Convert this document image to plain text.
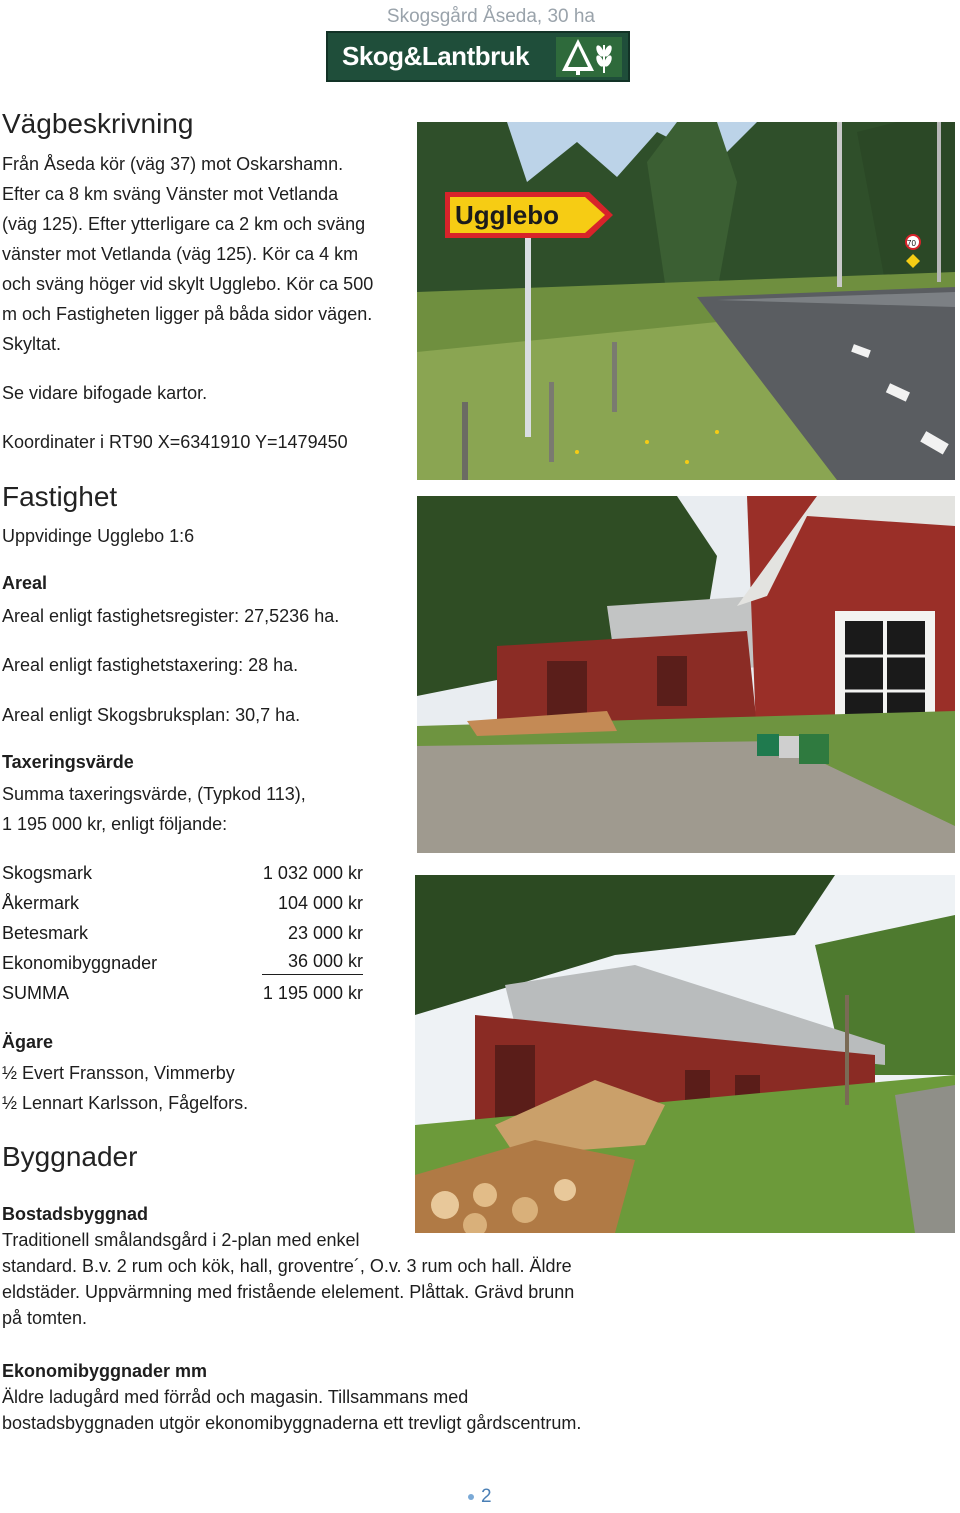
Skogsgård Åseda, 30 ha
Skog&Lantbruk
Vägbeskrivning
Från Åseda kör (väg 37) mot Oskarshamn.
Efter ca 8 km sväng Vänster mot Vetlanda
(väg 125). Efter ytterligare ca 2 km och sväng
vänster mot Vetlanda (väg 125). Kör ca 4 km
och sväng höger vid skylt Ugglebo. Kör ca 500
m och Fastigheten ligger på båda sidor vägen.
Skyltat.
Se vidare bifogade kartor.
Koordinater i RT90 X=6341910 Y=1479450
Fastighet
Uppvidinge Ugglebo 1:6
Areal
Areal enligt fastighetsregister: 27,5236 ha.
Areal enligt fastighetstaxering: 28 ha.
Areal enligt Skogsbruksplan: 30,7 ha.
Taxeringsvärde
Summa taxeringsvärde, (Typkod 113),
1 195 000 kr, enligt följande:
Skogsmark	1 032 000 kr
Åkermark	104 000 kr
Betesmark	23 000 kr
Ekonomibyggnader	36 000 kr
SUMMA	1 195 000 kr
Ägare
½ Evert Fransson, Vimmerby
½ Lennart Karlsson, Fågelfors.
Byggnader
Bostadsbyggnad
Traditionell smålandsgård i 2-plan med enkel
standard. B.v. 2 rum och kök, hall, groventre´, O.v. 3 rum och hall. Äldre
eldstäder. Uppvärmning med fristående elelement. Plåttak. Grävd brunn
på tomten.
Ekonomibyggnader mm
Äldre ladugård med förråd och magasin. Tillsammans med
bostadsbyggnaden utgör ekonomibyggnaderna ett trevligt gårdscentrum.
Ugglebo
70
2
